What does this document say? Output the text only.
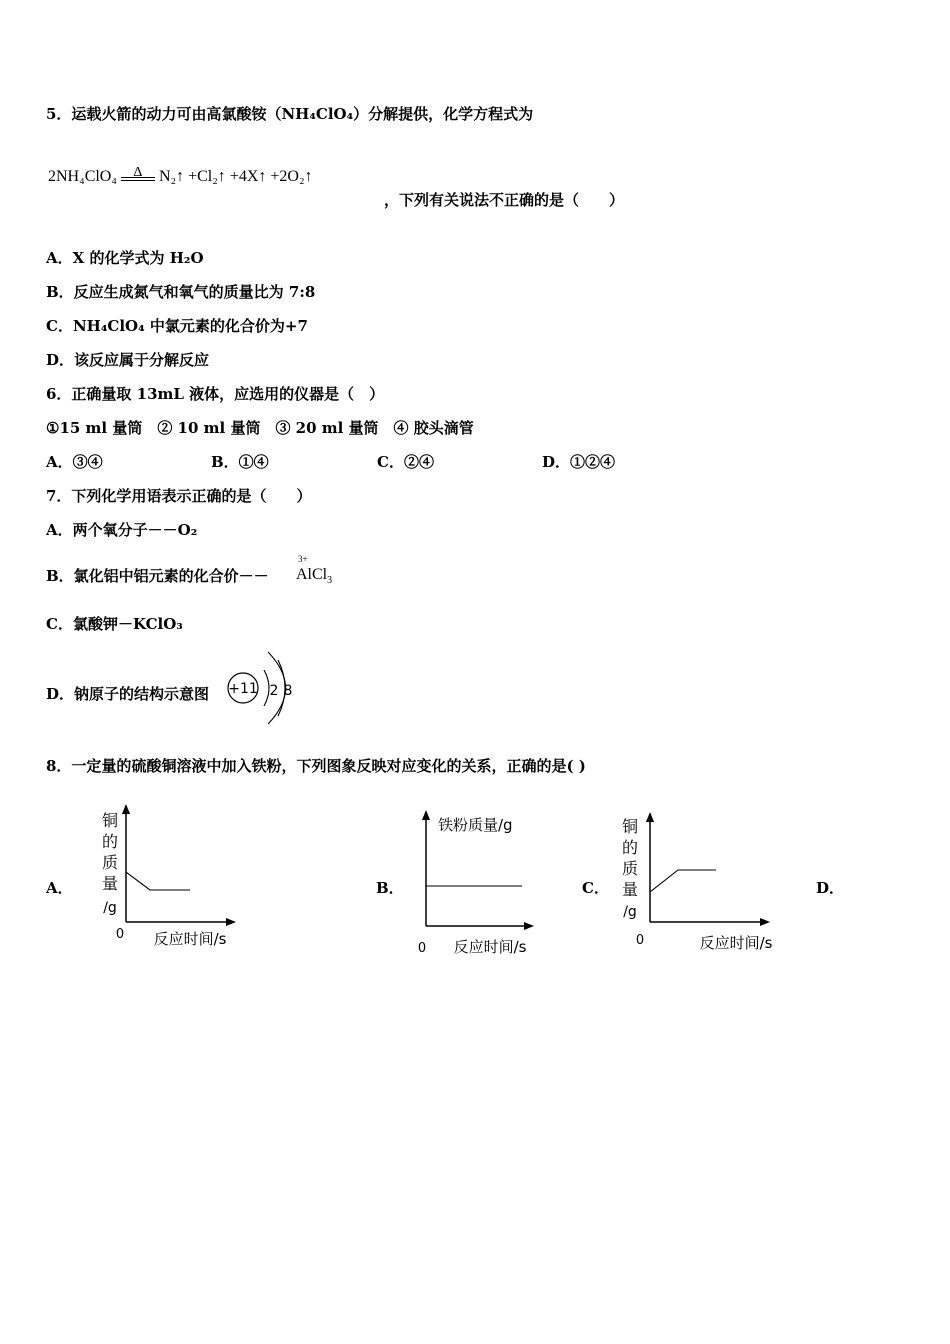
5．运载火箭的动力可由高氯酸铵（NH₄ClO₄）分解提供，化学方程式为
2NH₄ClO₄	Δ	N₂↑ +Cl₂↑ +4X↑ +2O₂↑
，下列有关说法不正确的是（　　）
A．X 的化学式为 H₂O
B．反应生成氮气和氧气的质量比为 7:8
C．NH₄ClO₄ 中氯元素的化合价为+7
D．该反应属于分解反应
6．正确量取 13mL 液体，应选用的仪器是（　）
①15 ml 量筒　② 10 ml 量筒　③ 20 ml 量筒　④ 胶头滴管
A．③④	B．①④	C．②④	D．①②④
7．下列化学用语表示正确的是（　　）
A．两个氧分子－－O₂
B．氯化铝中铝元素的化合价－－
3+
AlCl$_3$
C．氯酸钾－KClO₃
D．钠原子的结构示意图 +11 2 8
8．一定量的硫酸铜溶液中加入铁粉，下列图象反映对应变化的关系，正确的是( )
A．	B．	C．	D．
铜
的
质
量
/g
0 反应时间/s
铁粉质量/g
0 反应时间/s
铜
的
质
量
/g
0	反应时间/s
